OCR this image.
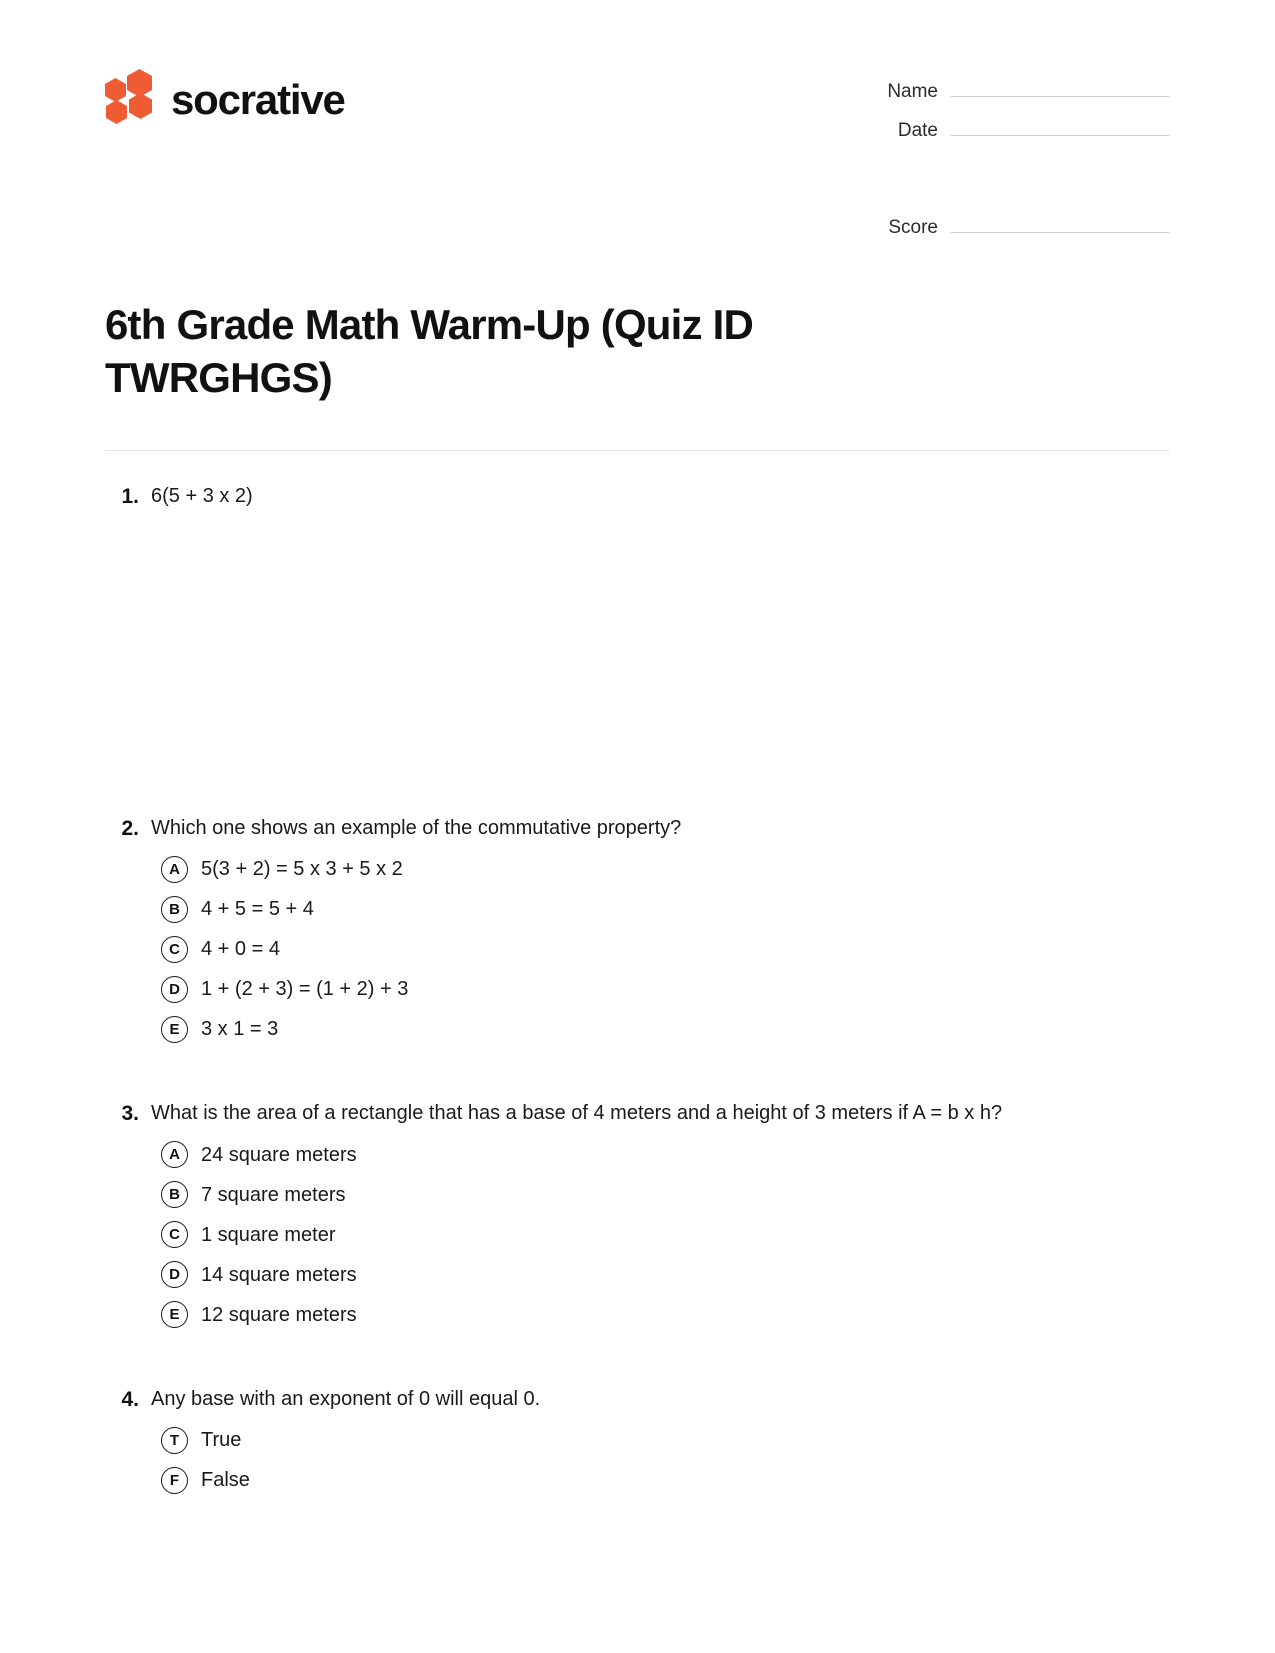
socrative	Name
Date
Score
6th Grade Math Warm-Up (Quiz ID TWRGHGS)
1. 6(5 + 3 x 2)
2. Which one shows an example of the commutative property?
A	5(3 + 2) = 5 x 3 + 5 x 2
B	4 + 5 = 5 + 4
C	4 + 0 = 4
D	1 + (2 + 3) = (1 + 2) + 3
E	3 x 1 = 3
3. What is the area of a rectangle that has a base of 4 meters and a height of 3 meters if A = b x h?
A	24 square meters
B	7 square meters
C	1 square meter
D	14 square meters
E	12 square meters
4. Any base with an exponent of 0 will equal 0.
T	True
F	False
